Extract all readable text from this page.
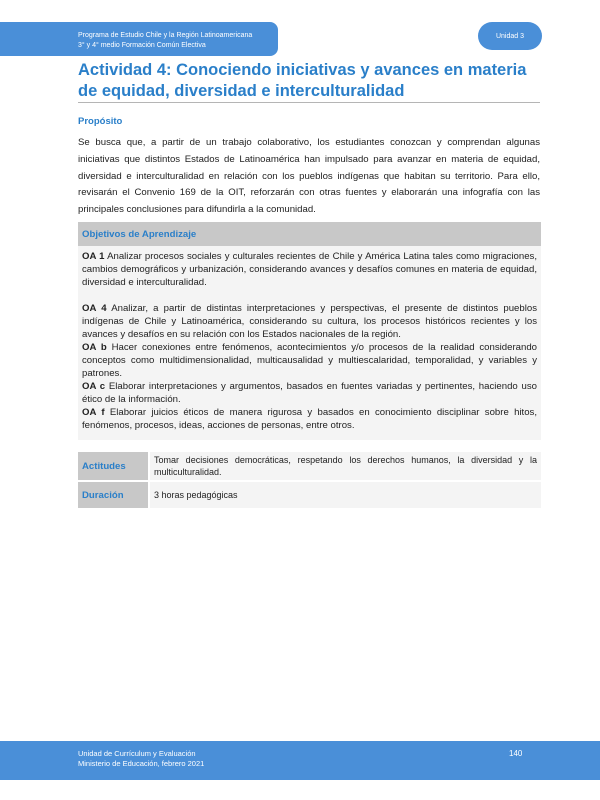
Programa de Estudio Chile y la Región Latinoamericana
3° y 4° medio Formación Común Electiva
Unidad 3
Actividad 4: Conociendo iniciativas y avances en materia de equidad, diversidad e interculturalidad
Propósito

Se busca que, a partir de un trabajo colaborativo, los estudiantes conozcan y comprendan algunas iniciativas que distintos Estados de Latinoamérica han impulsado para avanzar en materia de equidad, diversidad e interculturalidad en relación con los pueblos indígenas que habitan su territorio. Para ello, revisarán el Convenio 169 de la OIT, reforzarán con otras fuentes y elaborarán una infografía con las principales conclusiones para difundirla a la comunidad.

Objetivos de Aprendizaje

OA 1 Analizar procesos sociales y culturales recientes de Chile y América Latina tales como migraciones, cambios demográficos y urbanización, considerando avances y desafíos comunes en materia de equidad, diversidad e interculturalidad.

OA 4 Analizar, a partir de distintas interpretaciones y perspectivas, el presente de distintos pueblos indígenas de Chile y Latinoamérica, considerando su cultura, los procesos históricos recientes y los avances y desafíos en su relación con los Estados nacionales de la región.

OA b Hacer conexiones entre fenómenos, acontecimientos y/o procesos de la realidad considerando conceptos como multidimensionalidad, multicausalidad y multiescalaridad, temporalidad, y variables y patrones.

OA c Elaborar interpretaciones y argumentos, basados en fuentes variadas y pertinentes, haciendo uso ético de la información.

OA f Elaborar juicios éticos de manera rigurosa y basados en conocimiento disciplinar sobre hitos, fenómenos, procesos, ideas, acciones de personas, entre otros.

Actitudes	Tomar decisiones democráticas, respetando los derechos humanos, la diversidad y la multiculturalidad.
Duración	3 horas pedagógicas
Unidad de Currículum y Evaluación
Ministerio de Educación, febrero 2021
140
